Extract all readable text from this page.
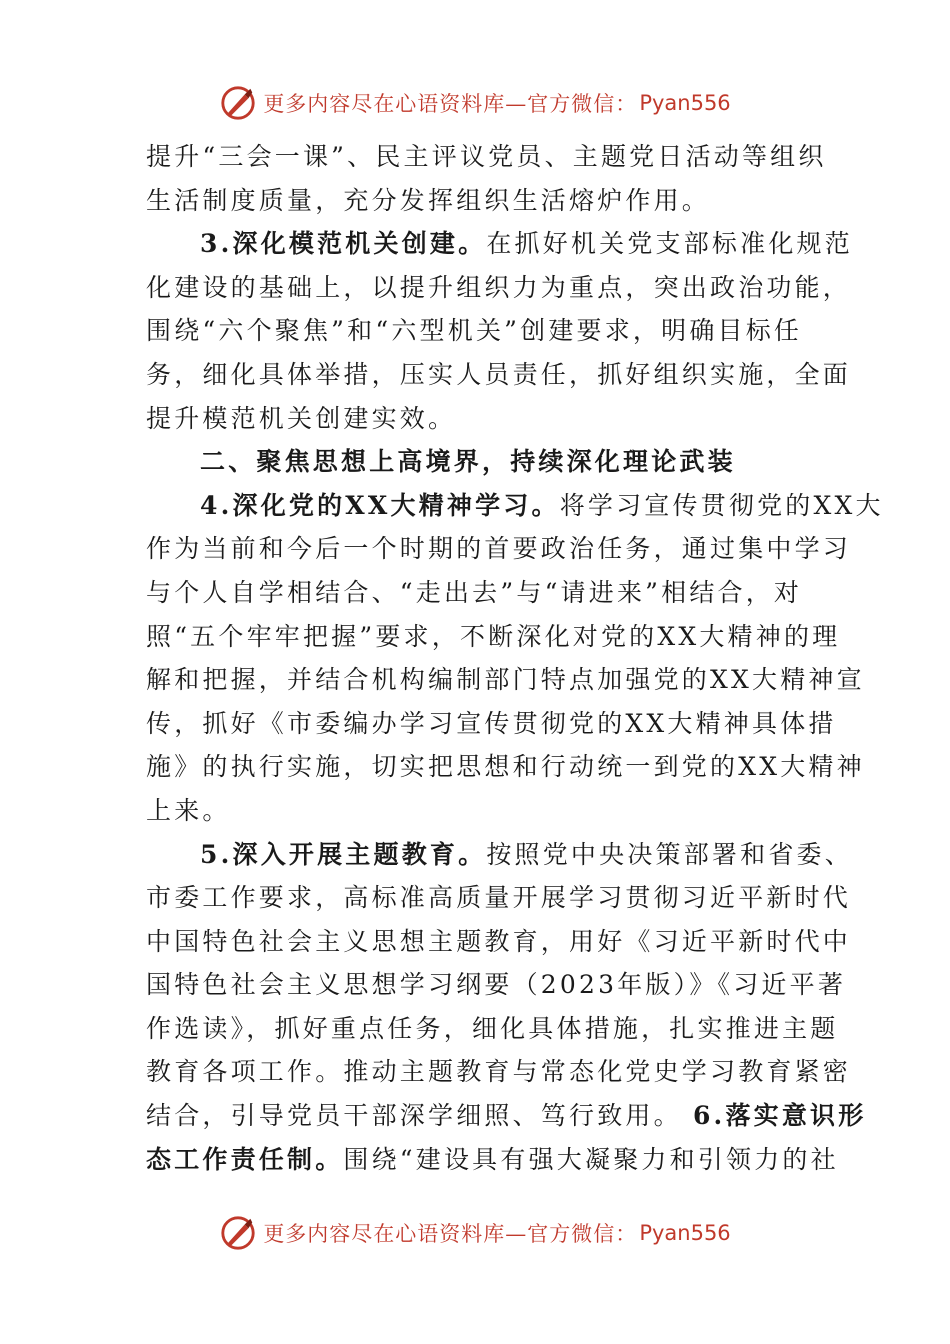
更多内容尽在心语资料库—官方微信： Pyan556
提升“三会一课”、民主评议党员、主题党日活动等组织
生活制度质量，充分发挥组织生活熔炉作用。
3.深化模范机关创建。在抓好机关党支部标准化规范
化建设的基础上，以提升组织力为重点，突出政治功能，
围绕“六个聚焦”和“六型机关”创建要求，明确目标任
务，细化具体举措，压实人员责任，抓好组织实施，全面
提升模范机关创建实效。
二、聚焦思想上高境界，持续深化理论武装
4.深化党的XX大精神学习。将学习宣传贯彻党的XX大
作为当前和今后一个时期的首要政治任务，通过集中学习
与个人自学相结合、“走出去”与“请进来”相结合，对
照“五个牢牢把握”要求，不断深化对党的XX大精神的理
解和把握，并结合机构编制部门特点加强党的XX大精神宣
传，抓好《市委编办学习宣传贯彻党的XX大精神具体措
施》的执行实施，切实把思想和行动统一到党的XX大精神
上来。
5.深入开展主题教育。按照党中央决策部署和省委、
市委工作要求，高标准高质量开展学习贯彻习近平新时代
中国特色社会主义思想主题教育，用好《习近平新时代中
国特色社会主义思想学习纲要（2023年版）》《习近平著
作选读》，抓好重点任务，细化具体措施，扎实推进主题
教育各项工作。推动主题教育与常态化党史学习教育紧密
结合，引导党员干部深学细照、笃行致用。 6.落实意识形
态工作责任制。围绕“建设具有强大凝聚力和引领力的社
更多内容尽在心语资料库—官方微信： Pyan556
